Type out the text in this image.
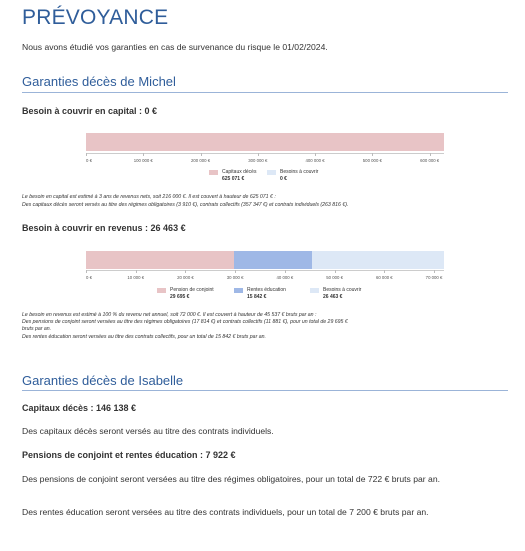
PRÉVOYANCE
Nous avons étudié vos garanties en cas de survenance du risque le 01/02/2024.
Garanties décès de Michel
Besoin à couvrir en capital : 0 €
0 €	100 000 €	200 000 €	300 000 €	400 000 €	500 000 €	600 000 €
Capitaux décès
625 071 €
Besoins à couvrir
0 €
Le besoin en capital est estimé à 3 ans de revenus nets, soit 216 000 €. Il est couvert à hauteur de 625 071 € :
Des capitaux décès seront versés au titre des régimes obligatoires (3 910 €), contrats collectifs (357 347 €) et contrats individuels (263 816 €).
Besoin à couvrir en revenus : 26 463 €
0 €	10 000 €	20 000 €	30 000 €	40 000 €	50 000 €	60 000 €	70 000 €
Pension de conjoint
29 695 €
Rentes éducation
15 842 €
Besoins à couvrir
26 463 €
Le besoin en revenus est estimé à 100 % du revenu net annuel, soit 72 000 €. Il est couvert à hauteur de 45 537 € bruts par an :
Des pensions de conjoint seront versées au titre des régimes obligatoires (17 814 €) et contrats collectifs (11 881 €), pour un total de 29 695 €
bruts par an.
Des rentes éducation seront versées au titre des contrats collectifs, pour un total de 15 842 € bruts par an.
Garanties décès de Isabelle
Capitaux décès : 146 138 €
Des capitaux décès seront versés au titre des contrats individuels.
Pensions de conjoint et rentes éducation : 7 922 €
Des pensions de conjoint seront versées au titre des régimes obligatoires, pour un total de 722 € bruts par an.
Des rentes éducation seront versées au titre des contrats individuels, pour un total de 7 200 € bruts par an.
